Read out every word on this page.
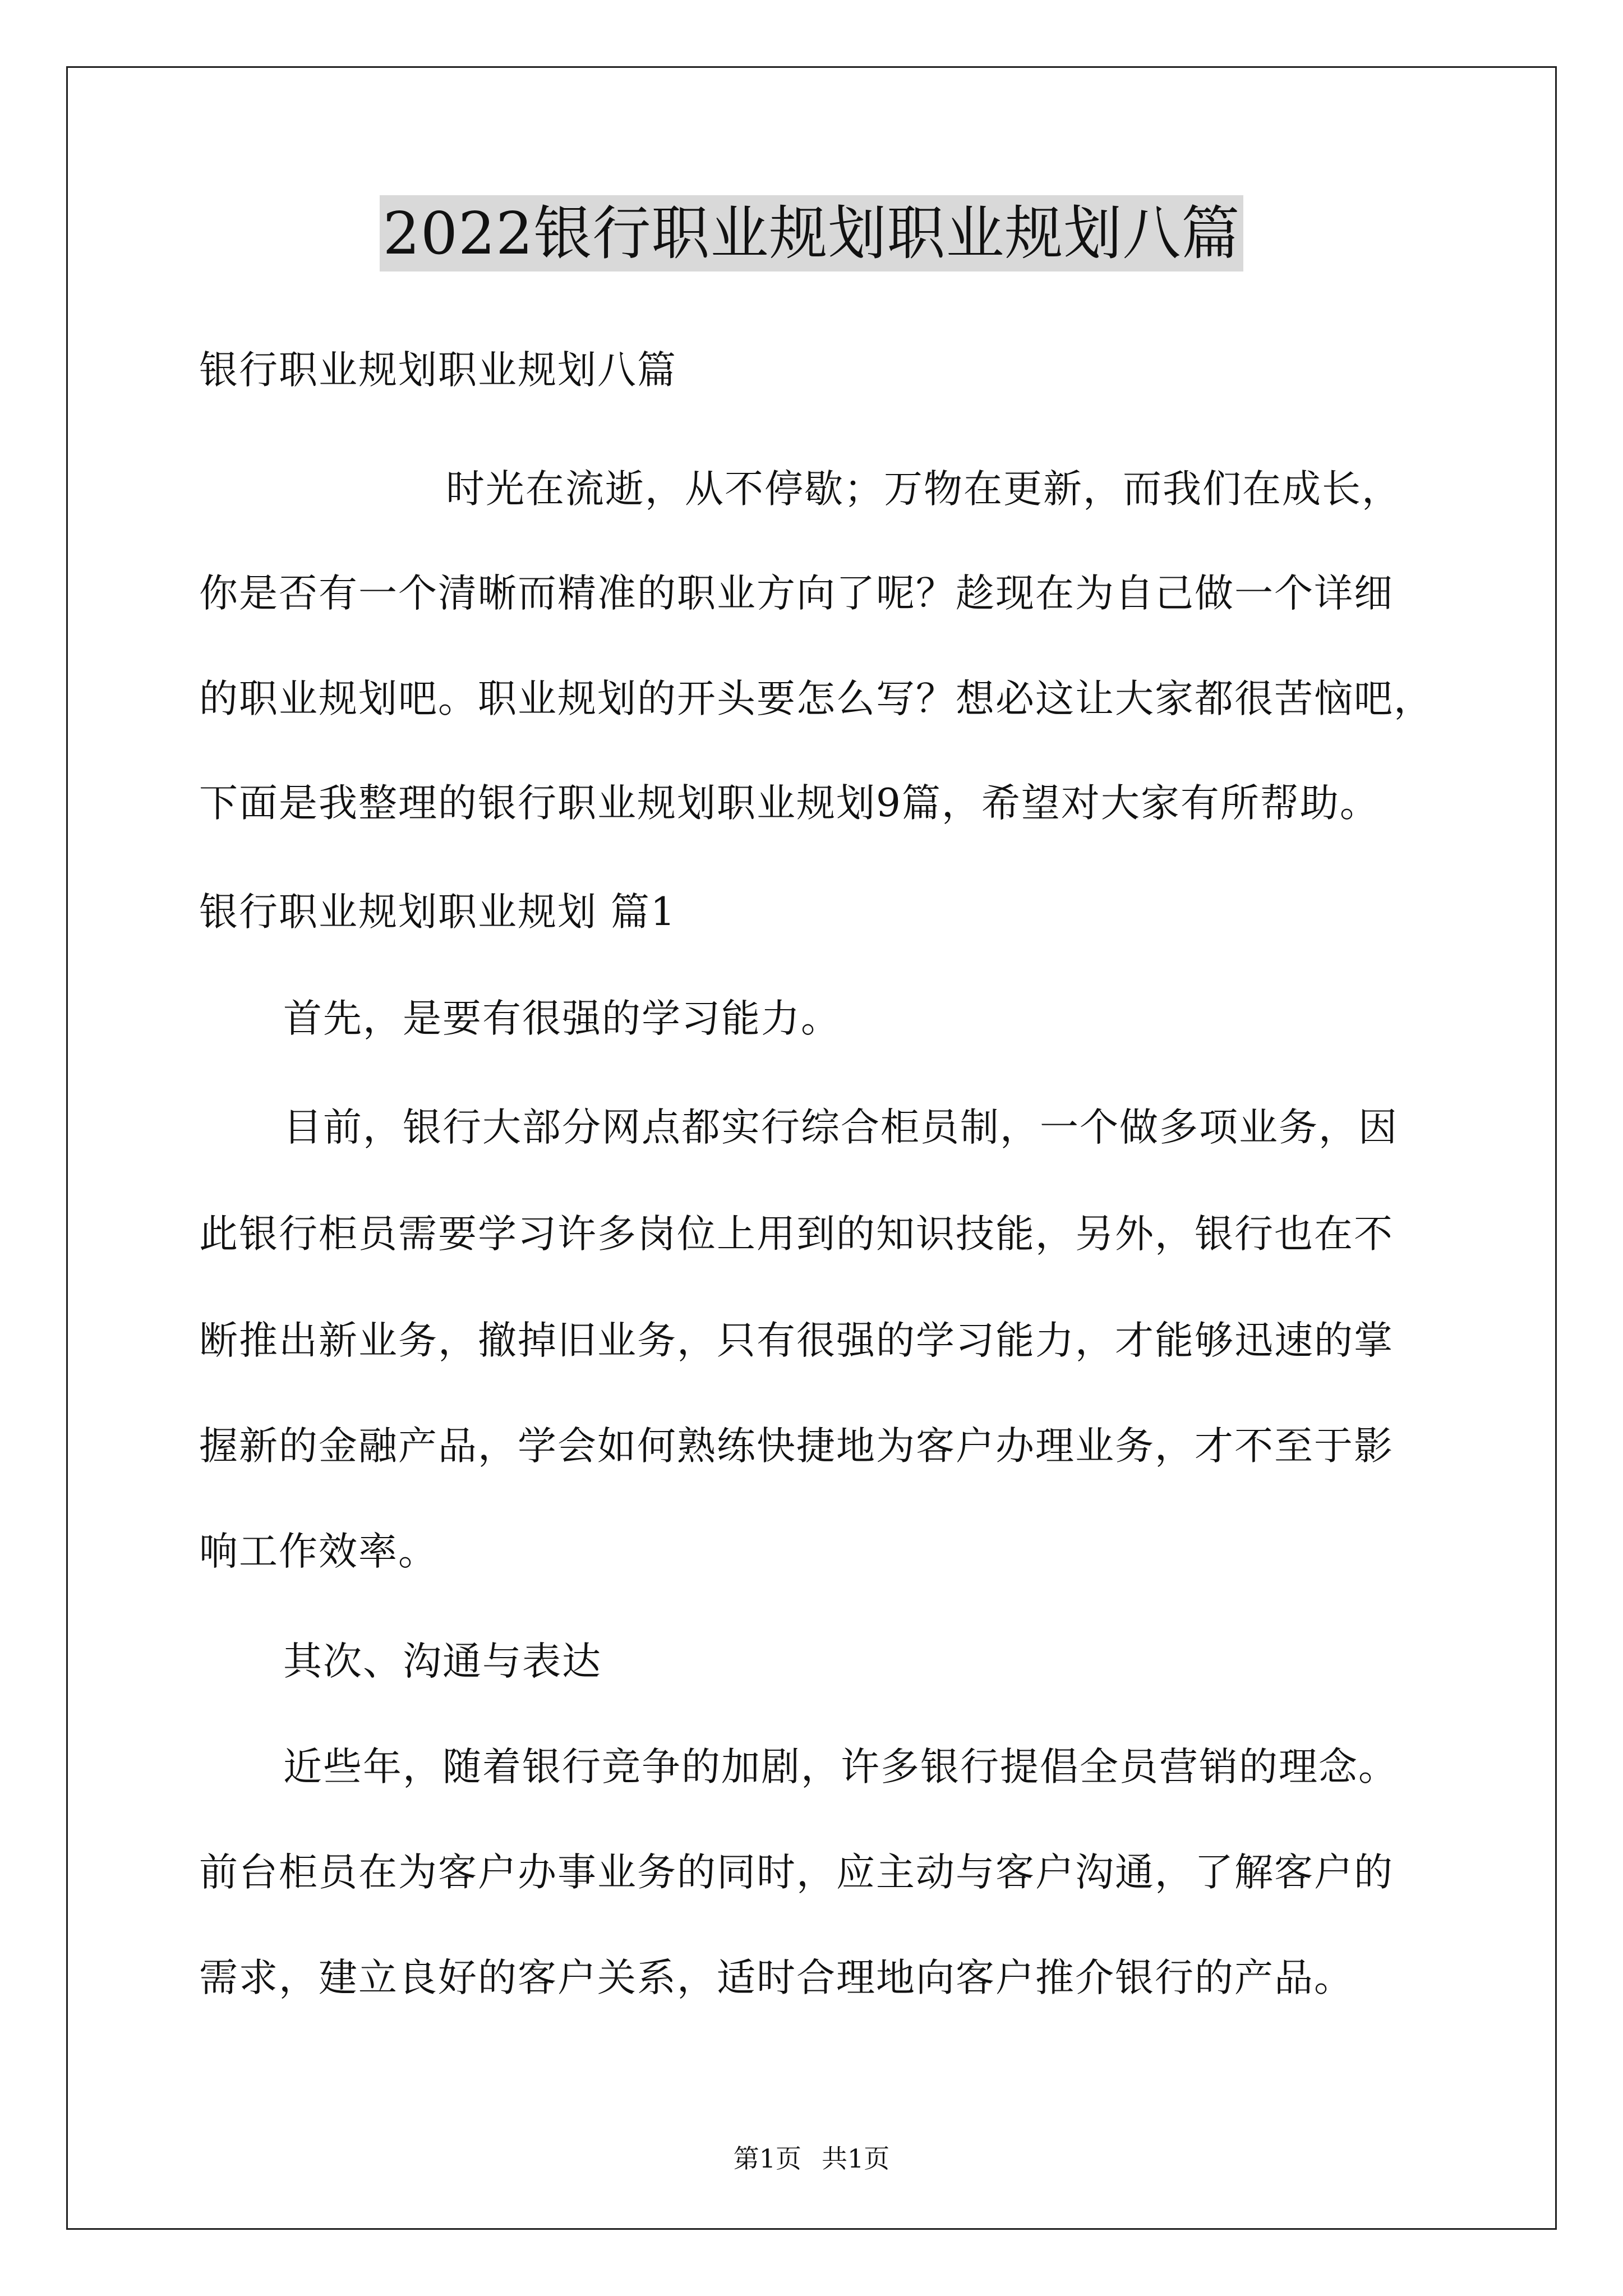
2022银行职业规划职业规划八篇
银行职业规划职业规划八篇
时光在流逝，从不停歇；万物在更新，而我们在成长，
你是否有一个清晰而精准的职业方向了呢？趁现在为自己做一个详细
的职业规划吧。职业规划的开头要怎么写？想必这让大家都很苦恼吧，
下面是我整理的银行职业规划职业规划9篇，希望对大家有所帮助。
银行职业规划职业规划 篇1
首先，是要有很强的学习能力。
目前，银行大部分网点都实行综合柜员制，一个做多项业务，因
此银行柜员需要学习许多岗位上用到的知识技能，另外，银行也在不
断推出新业务，撤掉旧业务，只有很强的学习能力，才能够迅速的掌
握新的金融产品，学会如何熟练快捷地为客户办理业务，才不至于影
响工作效率。
其次、沟通与表达
近些年，随着银行竞争的加剧，许多银行提倡全员营销的理念。
前台柜员在为客户办事业务的同时，应主动与客户沟通，了解客户的
需求，建立良好的客户关系，适时合理地向客户推介银行的产品。
第1页 共1页
